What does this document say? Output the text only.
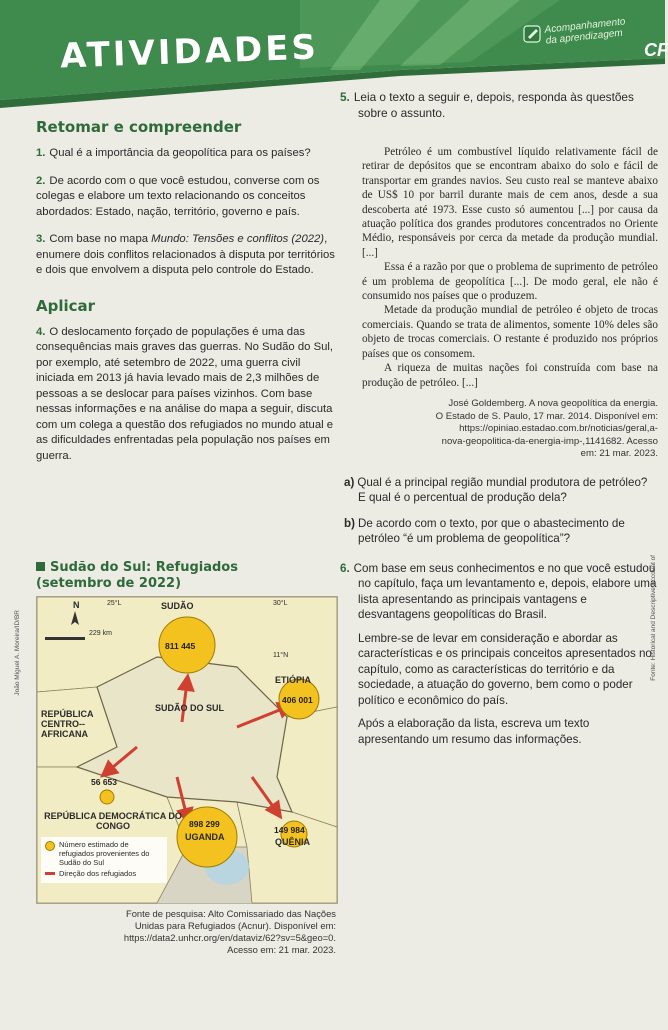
ATIVIDADES
Acompanhamento da aprendizagem
CF
Retomar e compreender

1. Qual é a importância da geopolítica para os países?

2. De acordo com o que você estudou, converse com os colegas e elabore um texto relacionando os conceitos abordados: Estado, nação, território, governo e país.

3. Com base no mapa Mundo: Tensões e conflitos (2022), enumere dois conflitos relacionados à disputa por territórios e dois que envolvem a disputa pelo controle do Estado.

Aplicar

4. O deslocamento forçado de populações é uma das consequências mais graves das guerras. No Sudão do Sul, por exemplo, até setembro de 2022, uma guerra civil iniciada em 2013 já havia levado mais de 2,3 milhões de pessoas a se deslocar para países vizinhos. Com base nessas informações e na análise do mapa a seguir, discuta com um colega a questão dos refugiados no mundo atual e as dificuldades enfrentadas pela população nos países em guerra.

Sudão do Sul: Refugiados
(setembro de 2022)
N
229 km
25°L	30°L
11°N
SUDÃO
811 445
ETIÓPIA
406 001
SUDÃO DO SUL
REPÚBLICA CENTRO--AFRICANA
56 653
REPÚBLICA DEMOCRÁTICA DO CONGO	898 299
UGANDA
149 984
QUÊNIA
Número estimado de refugiados provenientes do Sudão do Sul
Direção dos refugiados
Fonte de pesquisa: Alto Comissariado das Nações
Unidas para Refugiados (Acnur). Disponível em:
https://data2.unhcr.org/en/dataviz/62?sv=5&geo=0.
Acesso em: 21 mar. 2023.
João Miguel A. Moreira/ID/BR

5. Leia o texto a seguir e, depois, responda às questões sobre o assunto.

Petróleo é um combustível líquido relativamente fácil de retirar de depósitos que se encontram abaixo do solo e fácil de transportar em grandes navios. Seu custo real se manteve abaixo de US$ 10 por barril durante mais de cem anos, desde a sua descoberta até 1973. Esse custo só aumentou [...] por causa da atuação política dos grandes produtores concentrados no Oriente Médio, responsáveis por cerca da metade da produção mundial. [...]

Essa é a razão por que o problema de suprimento de petróleo é um problema de geopolítica [...]. De modo geral, ele não é consumido nos países que o produzem.

Metade da produção mundial de petróleo é objeto de trocas comerciais. Quando se trata de alimentos, somente 10% deles são objeto de trocas comerciais. O restante é produzido nos próprios países que os consomem.

A riqueza de muitas nações foi construída com base na produção de petróleo. [...]

José Goldemberg. A nova geopolítica da energia.
O Estado de S. Paulo, 17 mar. 2014. Disponível em:
https://opiniao.estadao.com.br/noticias/geral,a-
nova-geopolitica-da-energia-imp-,1141682. Acesso
em: 21 mar. 2023.

a) Qual é a principal região mundial produtora de petróleo? E qual é o percentual de produção dela?

b) De acordo com o texto, por que o abastecimento de petróleo “é um problema de geopolítica”?

6. Com base em seus conhecimentos e no que você estudou no capítulo, faça um levantamento e, depois, elabore uma lista apresentando as principais vantagens e desvantagens geopolíticas do Brasil.

Lembre-se de levar em consideração e abordar as características e os principais conceitos apresentados no capítulo, como as características do território e da sociedade, a atuação do governo, bem como o poder político e econômico do país.

Após a elaboração da lista, escreva um texto apresentando um resumo das informações.

Fonte: Historical and Descriptive Account of
